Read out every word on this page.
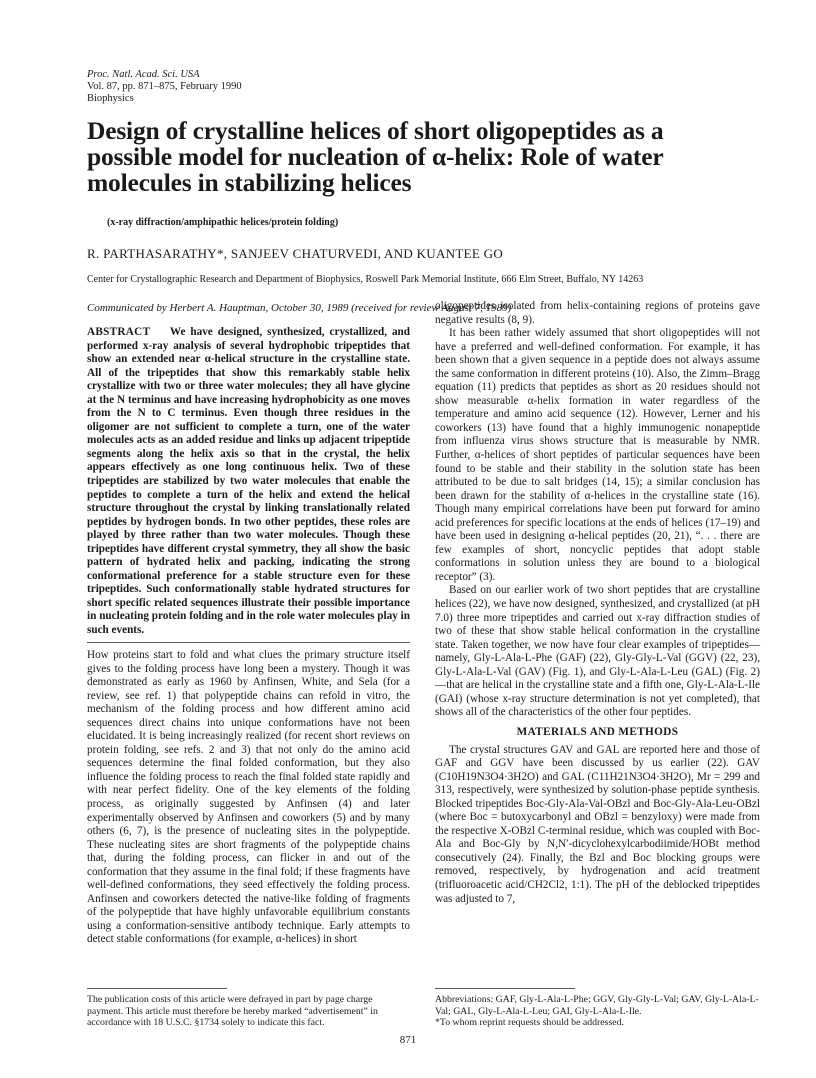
Proc. Natl. Acad. Sci. USA
Vol. 87, pp. 871–875, February 1990
Biophysics
Design of crystalline helices of short oligopeptides as a possible model for nucleation of α-helix: Role of water molecules in stabilizing helices
(x-ray diffraction/amphipathic helices/protein folding)
R. PARTHASARATHY*, SANJEEV CHATURVEDI, AND KUANTEE GO
Center for Crystallographic Research and Department of Biophysics, Roswell Park Memorial Institute, 666 Elm Street, Buffalo, NY 14263
Communicated by Herbert A. Hauptman, October 30, 1989 (received for review August 7, 1989)
ABSTRACT We have designed, synthesized, crystallized, and performed x-ray analysis of several hydrophobic tripeptides that show an extended near α-helical structure in the crystalline state. All of the tripeptides that show this remarkably stable helix crystallize with two or three water molecules; they all have glycine at the N terminus and have increasing hydrophobicity as one moves from the N to C terminus. Even though three residues in the oligomer are not sufficient to complete a turn, one of the water molecules acts as an added residue and links up adjacent tripeptide segments along the helix axis so that in the crystal, the helix appears effectively as one long continuous helix. Two of these tripeptides are stabilized by two water molecules that enable the peptides to complete a turn of the helix and extend the helical structure throughout the crystal by linking translationally related peptides by hydrogen bonds. In two other peptides, these roles are played by three rather than two water molecules. Though these tripeptides have different crystal symmetry, they all show the basic pattern of hydrated helix and packing, indicating the strong conformational preference for a stable structure even for these tripeptides. Such conformationally stable hydrated structures for short specific related sequences illustrate their possible importance in nucleating protein folding and in the role water molecules play in such events.
How proteins start to fold and what clues the primary structure itself gives to the folding process have long been a mystery. Though it was demonstrated as early as 1960 by Anfinsen, White, and Sela (for a review, see ref. 1) that polypeptide chains can refold in vitro, the mechanism of the folding process and how different amino acid sequences direct chains into unique conformations have not been elucidated. It is being increasingly realized (for recent short reviews on protein folding, see refs. 2 and 3) that not only do the amino acid sequences determine the final folded conformation, but they also influence the folding process to reach the final folded state rapidly and with near perfect fidelity. One of the key elements of the folding process, as originally suggested by Anfinsen (4) and later experimentally observed by Anfinsen and coworkers (5) and by many others (6, 7), is the presence of nucleating sites in the polypeptide. These nucleating sites are short fragments of the polypeptide chains that, during the folding process, can flicker in and out of the conformation that they assume in the final fold; if these fragments have well-defined conformations, they seed effectively the folding process. Anfinsen and coworkers detected the native-like folding of fragments of the polypeptide that have highly unfavorable equilibrium constants using a conformation-sensitive antibody technique. Early attempts to detect stable conformations (for example, α-helices) in short

oligopeptides isolated from helix-containing regions of proteins gave negative results (8, 9).

It has been rather widely assumed that short oligopeptides will not have a preferred and well-defined conformation. For example, it has been shown that a given sequence in a peptide does not always assume the same conformation in different proteins (10). Also, the Zimm–Bragg equation (11) predicts that peptides as short as 20 residues should not show measurable α-helix formation in water regardless of the temperature and amino acid sequence (12). However, Lerner and his coworkers (13) have found that a highly immunogenic nonapeptide from influenza virus shows structure that is measurable by NMR. Further, α-helices of short peptides of particular sequences have been found to be stable and their stability in the solution state has been attributed to be due to salt bridges (14, 15); a similar conclusion has been drawn for the stability of α-helices in the crystalline state (16). Though many empirical correlations have been put forward for amino acid preferences for specific locations at the ends of helices (17–19) and have been used in designing α-helical peptides (20, 21), “. . . there are few examples of short, noncyclic peptides that adopt stable conformations in solution unless they are bound to a biological receptor” (3).

Based on our earlier work of two short peptides that are crystalline helices (22), we have now designed, synthesized, and crystallized (at pH 7.0) three more tripeptides and carried out x-ray diffraction studies of two of these that show stable helical conformation in the crystalline state. Taken together, we now have four clear examples of tripeptides—namely, Gly-L-Ala-L-Phe (GAF) (22), Gly-Gly-L-Val (GGV) (22, 23), Gly-L-Ala-L-Val (GAV) (Fig. 1), and Gly-L-Ala-L-Leu (GAL) (Fig. 2)—that are helical in the crystalline state and a fifth one, Gly-L-Ala-L-Ile (GAI) (whose x-ray structure determination is not yet completed), that shows all of the characteristics of the other four peptides.

MATERIALS AND METHODS

The crystal structures GAV and GAL are reported here and those of GAF and GGV have been discussed by us earlier (22). GAV (C10H19N3O4·3H2O) and GAL (C11H21N3O4·3H2O), Mr = 299 and 313, respectively, were synthesized by solution-phase peptide synthesis. Blocked tripeptides Boc-Gly-Ala-Val-OBzl and Boc-Gly-Ala-Leu-OBzl (where Boc = butoxycarbonyl and OBzl = benzyloxy) were made from the respective X-OBzl C-terminal residue, which was coupled with Boc-Ala and Boc-Gly by N,N′-dicyclohexylcarbodiimide/HOBt method consecutively (24). Finally, the Bzl and Boc blocking groups were removed, respectively, by hydrogenation and acid treatment (trifluoroacetic acid/CH2Cl2, 1:1). The pH of the deblocked tripeptides was adjusted to 7,

The publication costs of this article were defrayed in part by page charge payment. This article must therefore be hereby marked “advertisement” in accordance with 18 U.S.C. §1734 solely to indicate this fact.
Abbreviations: GAF, Gly-L-Ala-L-Phe; GGV, Gly-Gly-L-Val; GAV, Gly-L-Ala-L-Val; GAL, Gly-L-Ala-L-Leu; GAI, Gly-L-Ala-L-Ile.
*To whom reprint requests should be addressed.
871
